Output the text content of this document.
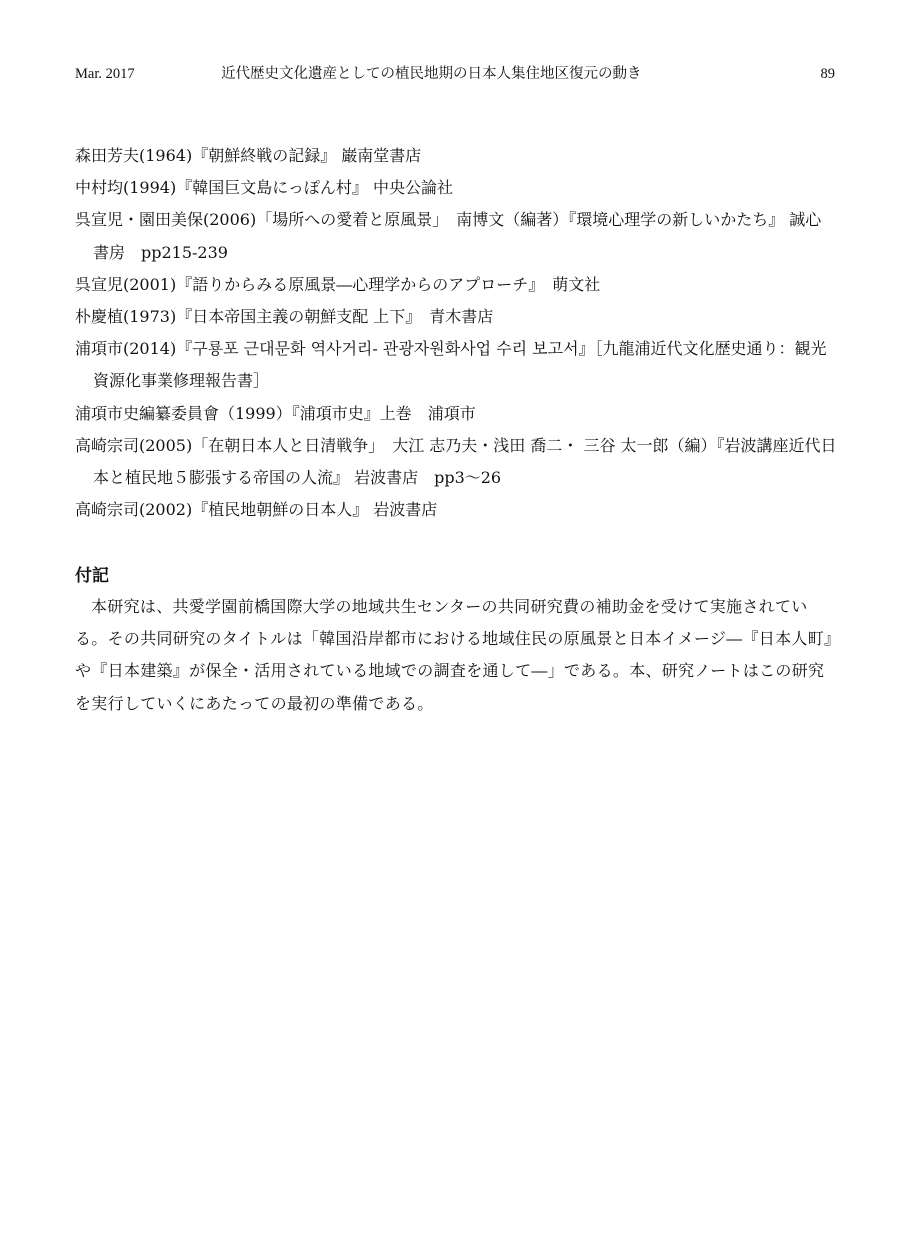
Mar. 2017	近代歴史文化遺産としての植民地期の日本人集住地区復元の動き	89
森田芳夫(1964)『朝鮮終戦の記録』 巌南堂書店
中村均(1994)『韓国巨文島にっぽん村』 中央公論社
呉宣児・園田美保(2006)「場所への愛着と原風景」　南博文（編著）『環境心理学の新しいかたち』 誠心書房　pp215-239
呉宣児(2001)『語りからみる原風景―心理学からのアプローチ』　萌文社
朴慶植(1973)『日本帝国主義の朝鮮支配 上下』　青木書店
浦項市(2014)『구룡포 근대문화 역사거리- 관광자원화사업 수리 보고서』［九龍浦近代文化歴史通り：観光資源化事業修理報告書］
浦項市史編纂委員會（1999）『浦項市史』上巻　浦項市
高崎宗司(2005)「在朝日本人と日清戦争」　大江 志乃夫・浅田 喬二・ 三谷 太一郎（編）『岩波講座近代日本と植民地５膨張する帝国の人流』 岩波書店　pp3～26
高崎宗司(2002)『植民地朝鮮の日本人』 岩波書店
付記

本研究は、共愛学園前橋国際大学の地域共生センターの共同研究費の補助金を受けて実施されている。その共同研究のタイトルは「韓国沿岸都市における地域住民の原風景と日本イメージ―『日本人町』や『日本建築』が保全・活用されている地域での調査を通して―」である。本、研究ノートはこの研究を実行していくにあたっての最初の準備である。
